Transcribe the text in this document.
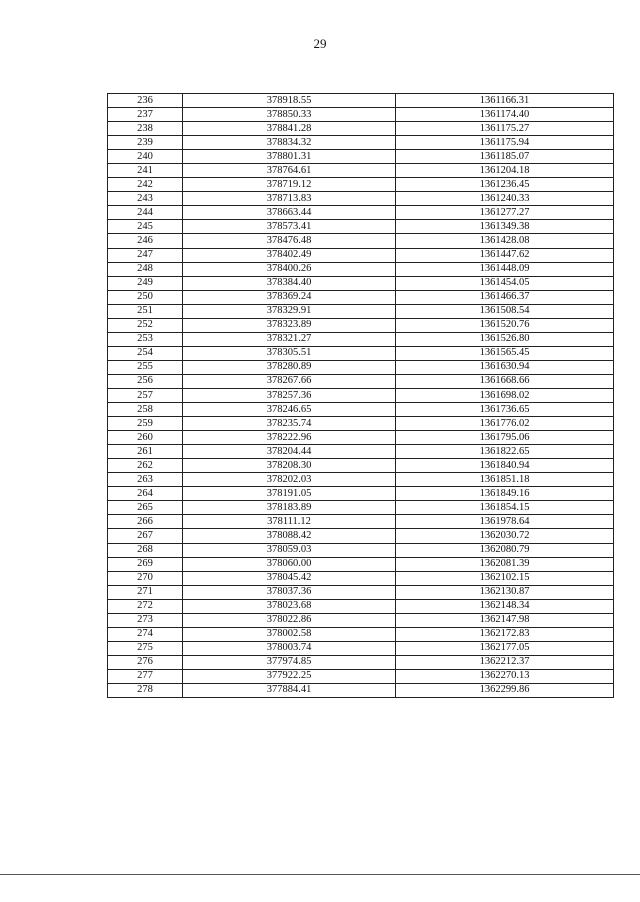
29
236	378918.55	1361166.31
237	378850.33	1361174.40
238	378841.28	1361175.27
239	378834.32	1361175.94
240	378801.31	1361185.07
241	378764.61	1361204.18
242	378719.12	1361236.45
243	378713.83	1361240.33
244	378663.44	1361277.27
245	378573.41	1361349.38
246	378476.48	1361428.08
247	378402.49	1361447.62
248	378400.26	1361448.09
249	378384.40	1361454.05
250	378369.24	1361466.37
251	378329.91	1361508.54
252	378323.89	1361520.76
253	378321.27	1361526.80
254	378305.51	1361565.45
255	378280.89	1361630.94
256	378267.66	1361668.66
257	378257.36	1361698.02
258	378246.65	1361736.65
259	378235.74	1361776.02
260	378222.96	1361795.06
261	378204.44	1361822.65
262	378208.30	1361840.94
263	378202.03	1361851.18
264	378191.05	1361849.16
265	378183.89	1361854.15
266	378111.12	1361978.64
267	378088.42	1362030.72
268	378059.03	1362080.79
269	378060.00	1362081.39
270	378045.42	1362102.15
271	378037.36	1362130.87
272	378023.68	1362148.34
273	378022.86	1362147.98
274	378002.58	1362172.83
275	378003.74	1362177.05
276	377974.85	1362212.37
277	377922.25	1362270.13
278	377884.41	1362299.86
